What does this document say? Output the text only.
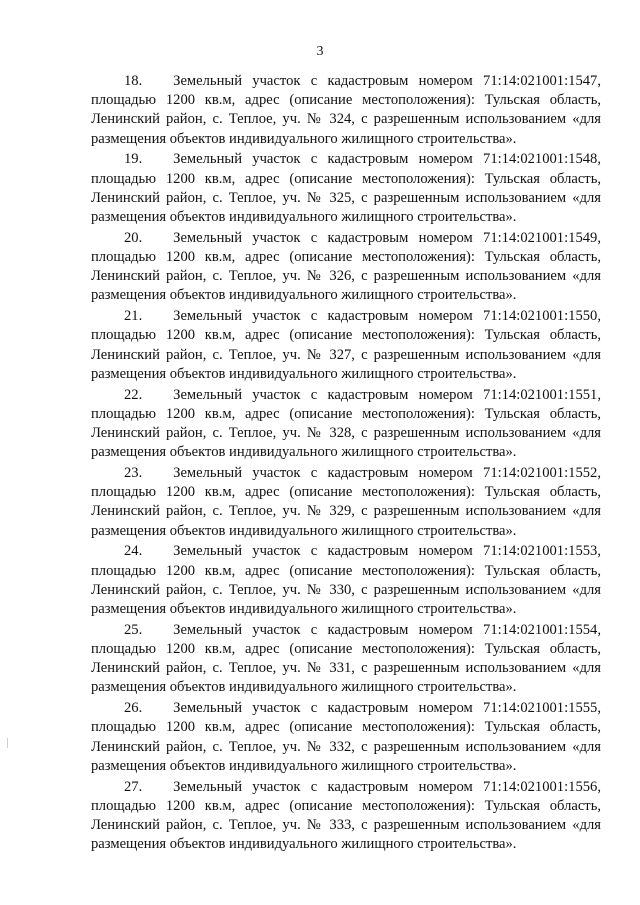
3

18. Земельный участок с кадастровым номером 71:14:021001:1547, площадью 1200 кв.м, адрес (описание местоположения): Тульская область, Ленинский район, с. Теплое, уч. № 324, с разрешенным использованием «для размещения объектов индивидуального жилищного строительства».

19. Земельный участок с кадастровым номером 71:14:021001:1548, площадью 1200 кв.м, адрес (описание местоположения): Тульская область, Ленинский район, с. Теплое, уч. № 325, с разрешенным использованием «для размещения объектов индивидуального жилищного строительства».

20. Земельный участок с кадастровым номером 71:14:021001:1549, площадью 1200 кв.м, адрес (описание местоположения): Тульская область, Ленинский район, с. Теплое, уч. № 326, с разрешенным использованием «для размещения объектов индивидуального жилищного строительства».

21. Земельный участок с кадастровым номером 71:14:021001:1550, площадью 1200 кв.м, адрес (описание местоположения): Тульская область, Ленинский район, с. Теплое, уч. № 327, с разрешенным использованием «для размещения объектов индивидуального жилищного строительства».

22. Земельный участок с кадастровым номером 71:14:021001:1551, площадью 1200 кв.м, адрес (описание местоположения): Тульская область, Ленинский район, с. Теплое, уч. № 328, с разрешенным использованием «для размещения объектов индивидуального жилищного строительства».

23. Земельный участок с кадастровым номером 71:14:021001:1552, площадью 1200 кв.м, адрес (описание местоположения): Тульская область, Ленинский район, с. Теплое, уч. № 329, с разрешенным использованием «для размещения объектов индивидуального жилищного строительства».

24. Земельный участок с кадастровым номером 71:14:021001:1553, площадью 1200 кв.м, адрес (описание местоположения): Тульская область, Ленинский район, с. Теплое, уч. № 330, с разрешенным использованием «для размещения объектов индивидуального жилищного строительства».

25. Земельный участок с кадастровым номером 71:14:021001:1554, площадью 1200 кв.м, адрес (описание местоположения): Тульская область, Ленинский район, с. Теплое, уч. № 331, с разрешенным использованием «для размещения объектов индивидуального жилищного строительства».

26. Земельный участок с кадастровым номером 71:14:021001:1555, площадью 1200 кв.м, адрес (описание местоположения): Тульская область, Ленинский район, с. Теплое, уч. № 332, с разрешенным использованием «для размещения объектов индивидуального жилищного строительства».

27. Земельный участок с кадастровым номером 71:14:021001:1556, площадью 1200 кв.м, адрес (описание местоположения): Тульская область, Ленинский район, с. Теплое, уч. № 333, с разрешенным использованием «для размещения объектов индивидуального жилищного строительства».
